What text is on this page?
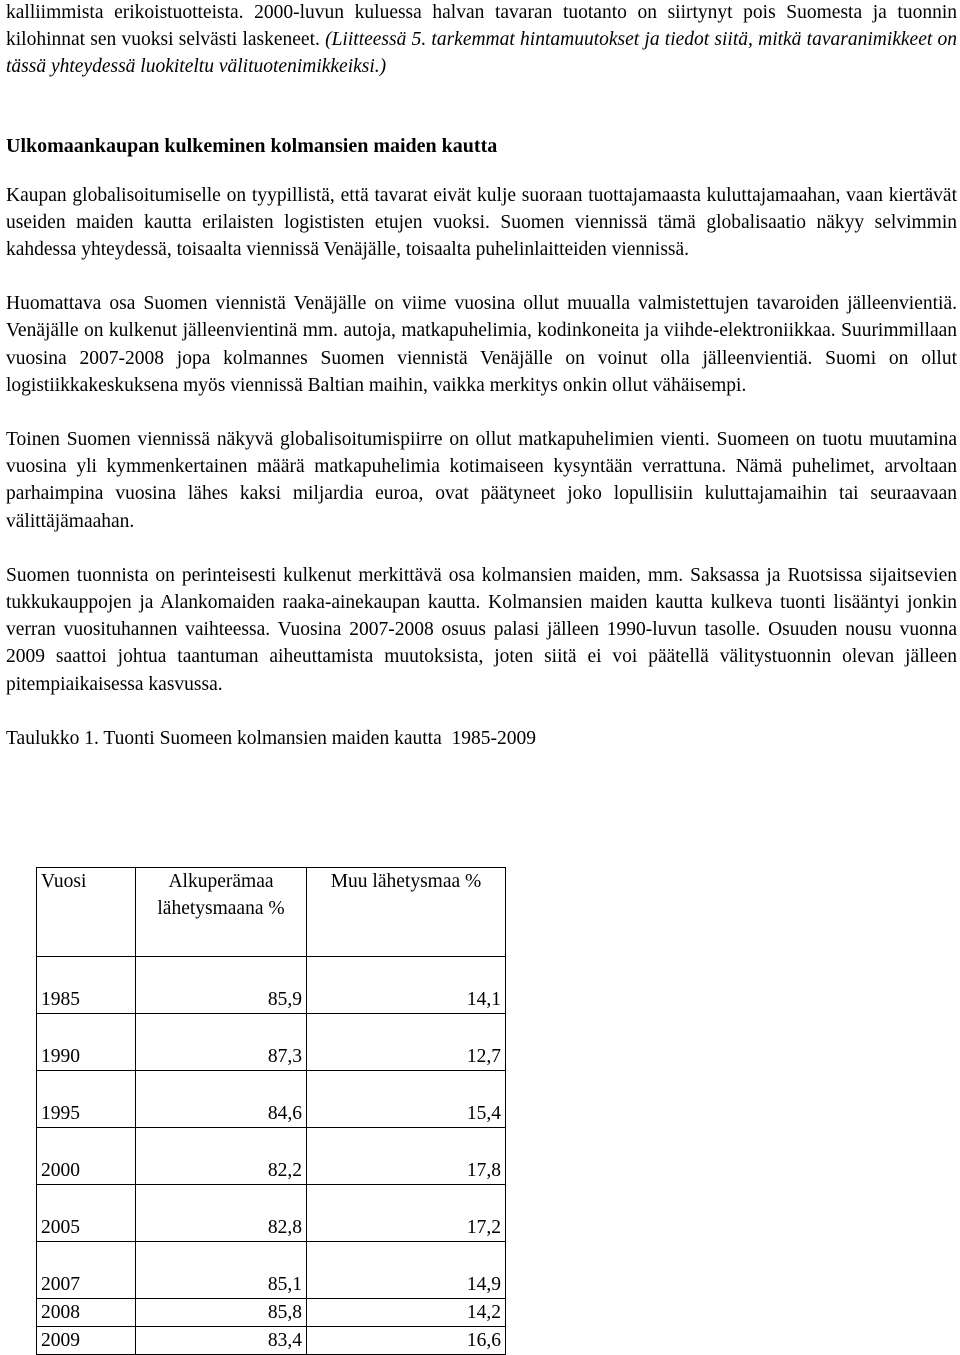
kalliimmista erikoistuotteista. 2000-luvun kuluessa halvan tavaran tuotanto on siirtynyt pois Suomesta ja tuonnin kilohinnat sen vuoksi selvästi laskeneet. (Liitteessä 5. tarkemmat hintamuutokset ja tiedot siitä, mitkä tavaranimikkeet on tässä yhteydessä luokiteltu välituotenimikkeiksi.)

Ulkomaankaupan kulkeminen kolmansien maiden kautta

Kaupan globalisoitumiselle on tyypillistä, että tavarat eivät kulje suoraan tuottajamaasta kuluttajamaahan, vaan kiertävät useiden maiden kautta erilaisten logististen etujen vuoksi. Suomen viennissä tämä globalisaatio näkyy selvimmin kahdessa yhteydessä, toisaalta viennissä Venäjälle, toisaalta puhelinlaitteiden viennissä.

Huomattava osa Suomen viennistä Venäjälle on viime vuosina ollut muualla valmistettujen tavaroiden jälleenvientiä. Venäjälle on kulkenut jälleenvientinä mm. autoja, matkapuhelimia, kodinkoneita ja viihde-elektroniikkaa. Suurimmillaan vuosina 2007-2008 jopa kolmannes Suomen viennistä Venäjälle on voinut olla jälleenvientiä. Suomi on ollut logistiikkakeskuksena myös viennissä Baltian maihin, vaikka merkitys onkin ollut vähäisempi.

Toinen Suomen viennissä näkyvä globalisoitumispiirre on ollut matkapuhelimien vienti. Suomeen on tuotu muutamina vuosina yli kymmenkertainen määrä matkapuhelimia kotimaiseen kysyntään verrattuna. Nämä puhelimet, arvoltaan parhaimpina vuosina lähes kaksi miljardia euroa, ovat päätyneet joko lopullisiin kuluttajamaihin tai seuraavaan välittäjämaahan.

Suomen tuonnista on perinteisesti kulkenut merkittävä osa kolmansien maiden, mm. Saksassa ja Ruotsissa sijaitsevien tukkukauppojen ja Alankomaiden raaka-ainekaupan kautta. Kolmansien maiden kautta kulkeva tuonti lisääntyi jonkin verran vuosituhannen vaihteessa. Vuosina 2007-2008 osuus palasi jälleen 1990-luvun tasolle. Osuuden nousu vuonna 2009 saattoi johtua taantuman aiheuttamista muutoksista, joten siitä ei voi päätellä välitystuonnin olevan jälleen pitempiaikaisessa kasvussa.

Taulukko 1. Tuonti Suomeen kolmansien maiden kautta  1985-2009

Vuosi	Alkuperämaa lähetysmaana %	Muu lähetysmaa %
1985	85,9	14,1
1990	87,3	12,7
1995	84,6	15,4
2000	82,2	17,8
2005	82,8	17,2
2007	85,1	14,9
2008	85,8	14,2
2009	83,4	16,6
